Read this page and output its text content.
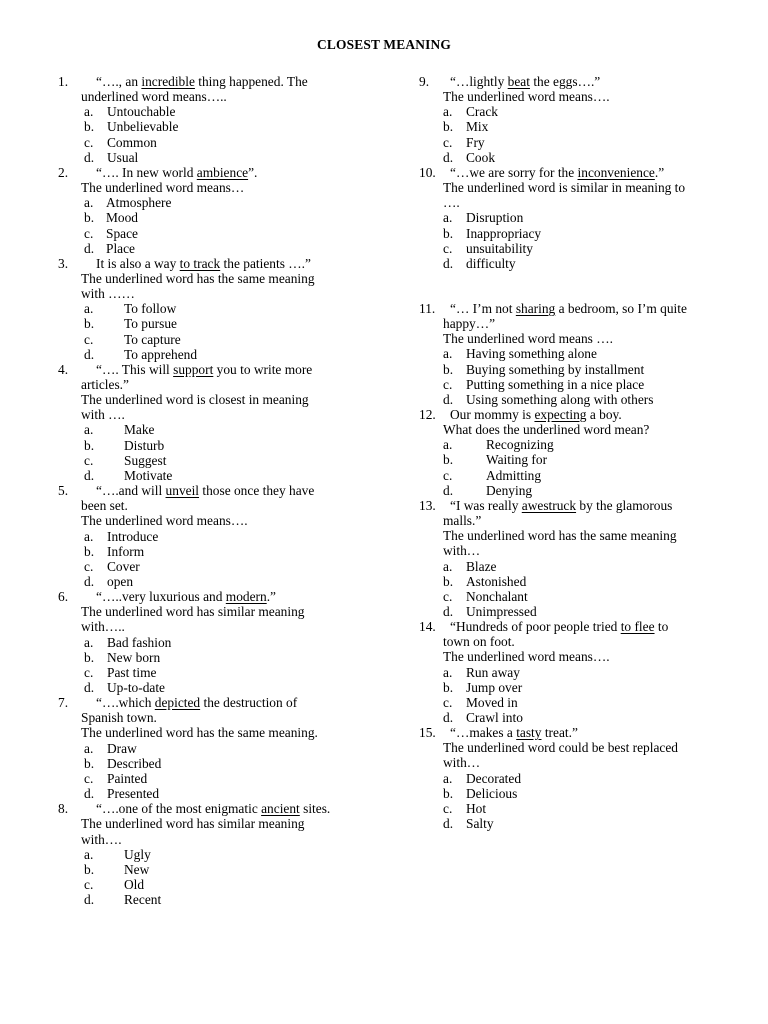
CLOSEST MEANING
1. “…., an incredible thing happened. The
underlined word means…..
a. Untouchable
b. Unbelievable
c. Common
d. Usual
2. “…. In new world ambience”.
The underlined word means…
a. Atmosphere
b. Mood
c. Space
d. Place
3. It is also a way to track the patients ….”
The underlined word has the same meaning
with ……
a. To follow
b. To pursue
c. To capture
d. To apprehend
4. “…. This will support you to write more
articles.”
The underlined word is closest in meaning
with ….
a. Make
b. Disturb
c. Suggest
d. Motivate
5. “….and will unveil those once they have
been set.
The underlined word means….
a. Introduce
b. Inform
c. Cover
d. open
6. “…..very luxurious and modern.”
The underlined word has similar meaning
with…..
a. Bad fashion
b. New born
c. Past time
d. Up-to-date
7. “….which depicted the destruction of
Spanish town.
The underlined word has the same meaning.
a. Draw
b. Described
c. Painted
d. Presented
8. “….one of the most enigmatic ancient sites.
The underlined word has similar meaning
with….
a. Ugly
b. New
c. Old
d. Recent
9. “…lightly beat the eggs….”
The underlined word means….
a. Crack
b. Mix
c. Fry
d. Cook
10. “…we are sorry for the inconvenience.”
The underlined word is similar in meaning to
….
a. Disruption
b. Inappropriacy
c. unsuitability
d. difficulty
11. “… I’m not sharing a bedroom, so I’m quite
happy…”
The underlined word means ….
a. Having something alone
b. Buying something by installment
c. Putting something in a nice place
d. Using something along with others
12. Our mommy is expecting a boy.
What does the underlined word mean?
a.	Recognizing
b. Waiting for
c.	Admitting
d. Denying
13. “I was really awestruck by the glamorous
malls.”
The underlined word has the same meaning
with…
a. Blaze
b. Astonished
c. Nonchalant
d. Unimpressed
14. “Hundreds of poor people tried to flee to
town on foot.
The underlined word means….
a. Run away
b. Jump over
c. Moved in
d. Crawl into
15. “…makes a tasty treat.”
The underlined word could be best replaced
with…
a. Decorated
b. Delicious
c. Hot
d. Salty
